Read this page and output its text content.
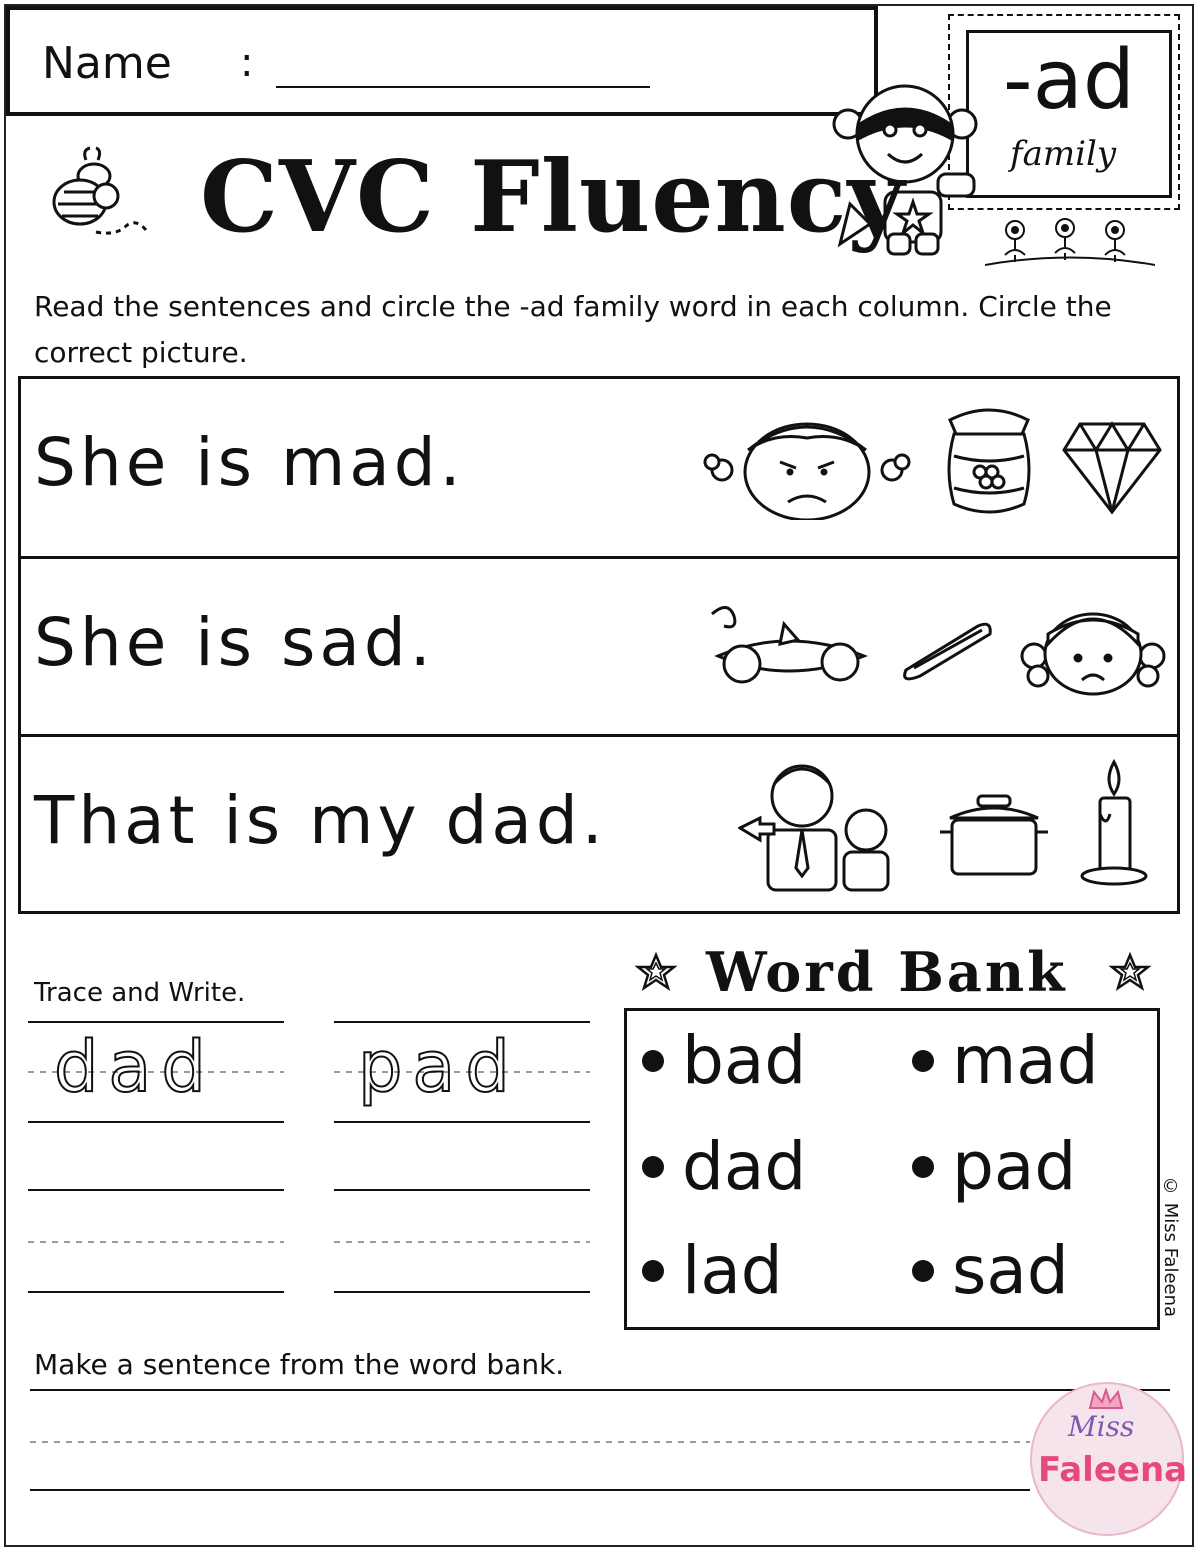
Name :	-ad
family
CVC Fluency
Read the sentences and circle the -ad family word in each column. Circle the correct picture.
She is mad.
She is sad.
That is my dad.
Trace and Write.
dad pad
Word Bank
bad	mad
dad	pad
lad	sad	© Miss Faleena
Make a sentence from the word bank.
Miss
Faleena
